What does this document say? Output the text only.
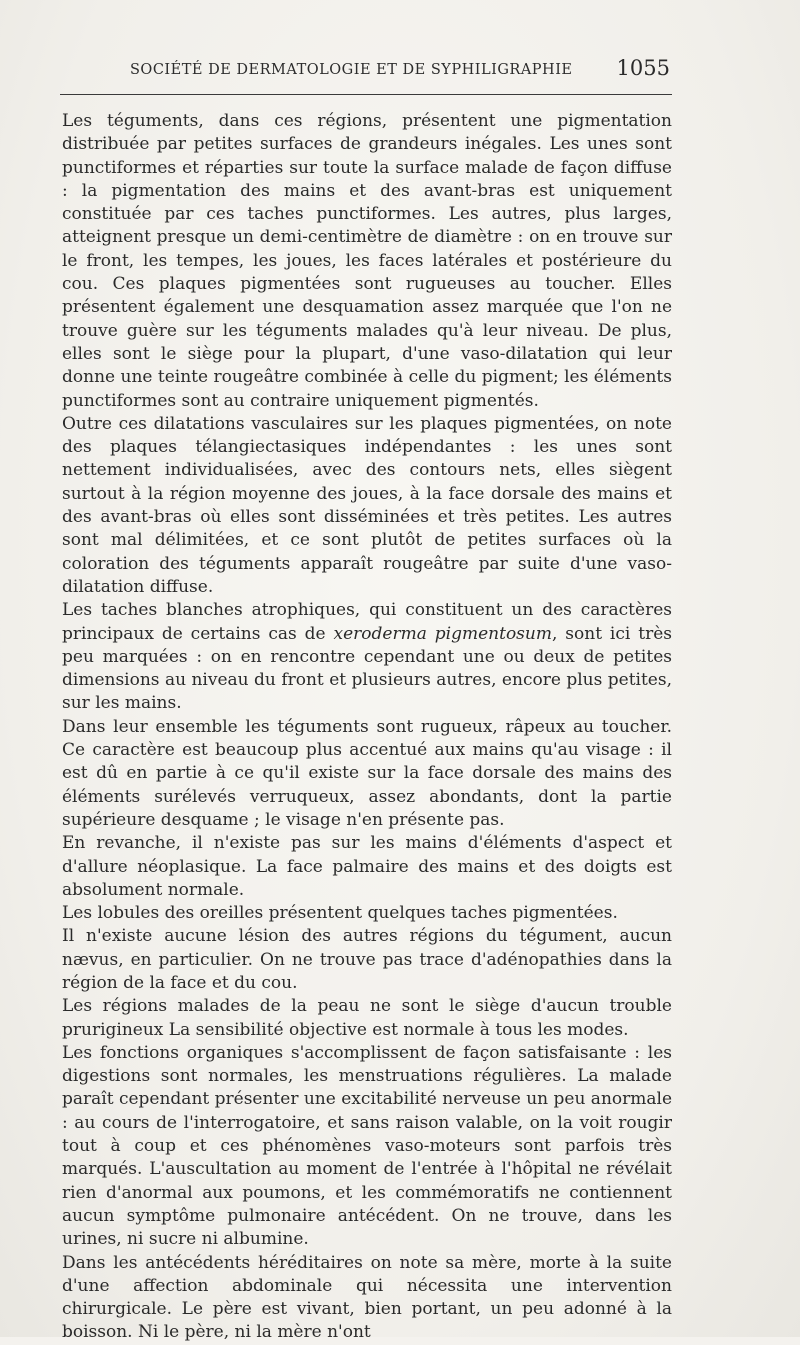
SOCIÉTÉ DE DERMATOLOGIE ET DE SYPHILIGRAPHIE 1055

Les téguments, dans ces régions, présentent une pigmentation distribuée par petites surfaces de grandeurs inégales. Les unes sont punctiformes et réparties sur toute la surface malade de façon diffuse : la pigmentation des mains et des avant-bras est uniquement constituée par ces taches punctiformes. Les autres, plus larges, atteignent presque un demi-centimètre de diamètre : on en trouve sur le front, les tempes, les joues, les faces latérales et postérieure du cou. Ces plaques pigmentées sont rugueuses au toucher. Elles présentent également une desquamation assez marquée que l'on ne trouve guère sur les téguments malades qu'à leur niveau. De plus, elles sont le siège pour la plupart, d'une vaso-dilatation qui leur donne une teinte rougeâtre combinée à celle du pigment; les éléments punctiformes sont au contraire uniquement pigmentés.

Outre ces dilatations vasculaires sur les plaques pigmentées, on note des plaques télangiectasiques indépendantes : les unes sont nettement individualisées, avec des contours nets, elles siègent surtout à la région moyenne des joues, à la face dorsale des mains et des avant-bras où elles sont disséminées et très petites. Les autres sont mal délimitées, et ce sont plutôt de petites surfaces où la coloration des téguments apparaît rougeâtre par suite d'une vaso-dilatation diffuse.

Les taches blanches atrophiques, qui constituent un des caractères principaux de certains cas de xeroderma pigmentosum, sont ici très peu marquées : on en rencontre cependant une ou deux de petites dimensions au niveau du front et plusieurs autres, encore plus petites, sur les mains.

Dans leur ensemble les téguments sont rugueux, râpeux au toucher. Ce caractère est beaucoup plus accentué aux mains qu'au visage : il est dû en partie à ce qu'il existe sur la face dorsale des mains des éléments surélevés verruqueux, assez abondants, dont la partie supérieure desquame ; le visage n'en présente pas.

En revanche, il n'existe pas sur les mains d'éléments d'aspect et d'allure néoplasique. La face palmaire des mains et des doigts est absolument normale.

Les lobules des oreilles présentent quelques taches pigmentées.

Il n'existe aucune lésion des autres régions du tégument, aucun nævus, en particulier. On ne trouve pas trace d'adénopathies dans la région de la face et du cou.

Les régions malades de la peau ne sont le siège d'aucun trouble prurigineux La sensibilité objective est normale à tous les modes.

Les fonctions organiques s'accomplissent de façon satisfaisante : les digestions sont normales, les menstruations régulières. La malade paraît cependant présenter une excitabilité nerveuse un peu anormale : au cours de l'interrogatoire, et sans raison valable, on la voit rougir tout à coup et ces phénomènes vaso-moteurs sont parfois très marqués. L'auscultation au moment de l'entrée à l'hôpital ne révélait rien d'anormal aux poumons, et les commémoratifs ne contiennent aucun symptôme pulmonaire antécédent. On ne trouve, dans les urines, ni sucre ni albumine.

Dans les antécédents héréditaires on note sa mère, morte à la suite d'une affection abdominale qui nécessita une intervention chirurgicale. Le père est vivant, bien portant, un peu adonné à la boisson. Ni le père, ni la mère n'ont
